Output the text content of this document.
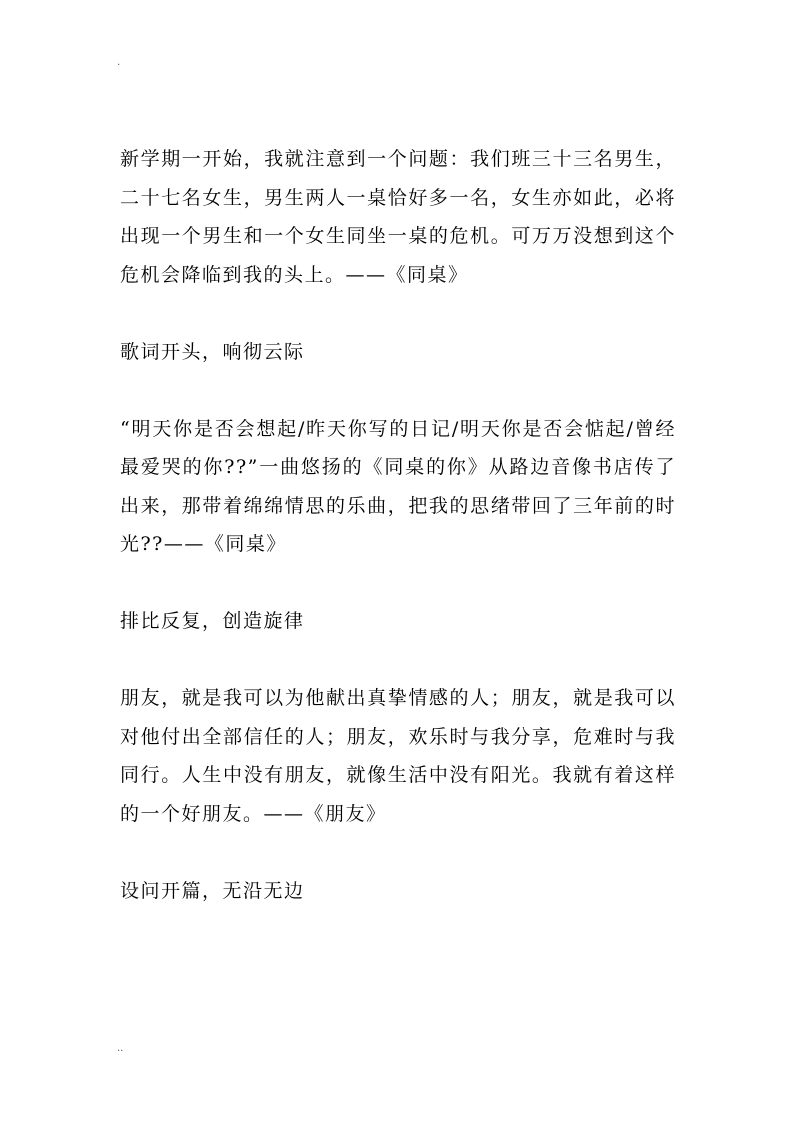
.

新学期一开始，我就注意到一个问题：我们班三十三名男生，二十七名女生，男生两人一桌恰好多一名，女生亦如此，必将出现一个男生和一个女生同坐一桌的危机。可万万没想到这个危机会降临到我的头上。——《同桌》

歌词开头，响彻云际

“明天你是否会想起/昨天你写的日记/明天你是否会惦起/曾经最爱哭的你??”一曲悠扬的《同桌的你》从路边音像书店传了出来，那带着绵绵情思的乐曲，把我的思绪带回了三年前的时光??——《同桌》

排比反复，创造旋律

朋友，就是我可以为他献出真挚情感的人；朋友，就是我可以对他付出全部信任的人；朋友，欢乐时与我分享，危难时与我同行。人生中没有朋友，就像生活中没有阳光。我就有着这样的一个好朋友。——《朋友》

设问开篇，无沿无边

..
